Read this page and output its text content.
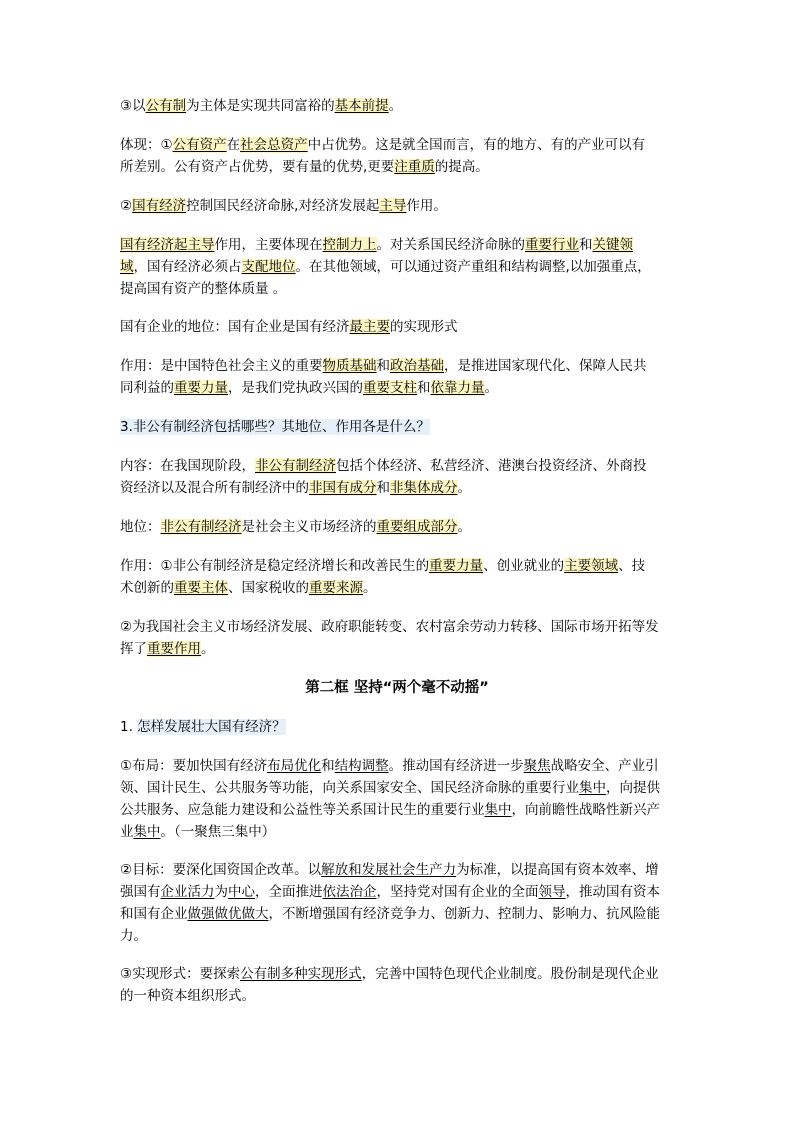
③以公有制为主体是实现共同富裕的基本前提。
体现：①公有资产在社会总资产中占优势。这是就全国而言，有的地方、有的产业可以有
所差别。公有资产占优势，要有量的优势,更要注重质的提高。
②国有经济控制国民经济命脉,对经济发展起主导作用。
国有经济起主导作用，主要体现在控制力上。对关系国民经济命脉的重要行业和关键领
域，国有经济必须占支配地位。在其他领域，可以通过资产重组和结构调整,以加强重点，
提高国有资产的整体质量 。
国有企业的地位：国有企业是国有经济最主要的实现形式
作用：是中国特色社会主义的重要物质基础和政治基础，是推进国家现代化、保障人民共
同利益的重要力量，是我们党执政兴国的重要支柱和依靠力量。
3.非公有制经济包括哪些？其地位、作用各是什么？
内容：在我国现阶段，非公有制经济包括个体经济、私营经济、港澳台投资经济、外商投
资经济以及混合所有制经济中的非国有成分和非集体成分。
地位：非公有制经济是社会主义市场经济的重要组成部分。
作用：①非公有制经济是稳定经济增长和改善民生的重要力量、创业就业的主要领域、技
术创新的重要主体、国家税收的重要来源。
②为我国社会主义市场经济发展、政府职能转变、农村富余劳动力转移、国际市场开拓等发
挥了重要作用。
第二框 坚持“两个毫不动摇”
1. 怎样发展壮大国有经济？
①布局：要加快国有经济布局优化和结构调整。推动国有经济进一步聚焦战略安全、产业引
领、国计民生、公共服务等功能，向关系国家安全、国民经济命脉的重要行业集中，向提供
公共服务、应急能力建设和公益性等关系国计民生的重要行业集中，向前瞻性战略性新兴产
业集中。（一聚焦三集中）
②目标：要深化国资国企改革。以解放和发展社会生产力为标准，以提高国有资本效率、增
强国有企业活力为中心，全面推进依法治企，坚持党对国有企业的全面领导，推动国有资本
和国有企业做强做优做大，不断增强国有经济竞争力、创新力、控制力、影响力、抗风险能
力。
③实现形式：要探索公有制多种实现形式，完善中国特色现代企业制度。股份制是现代企业
的一种资本组织形式。
